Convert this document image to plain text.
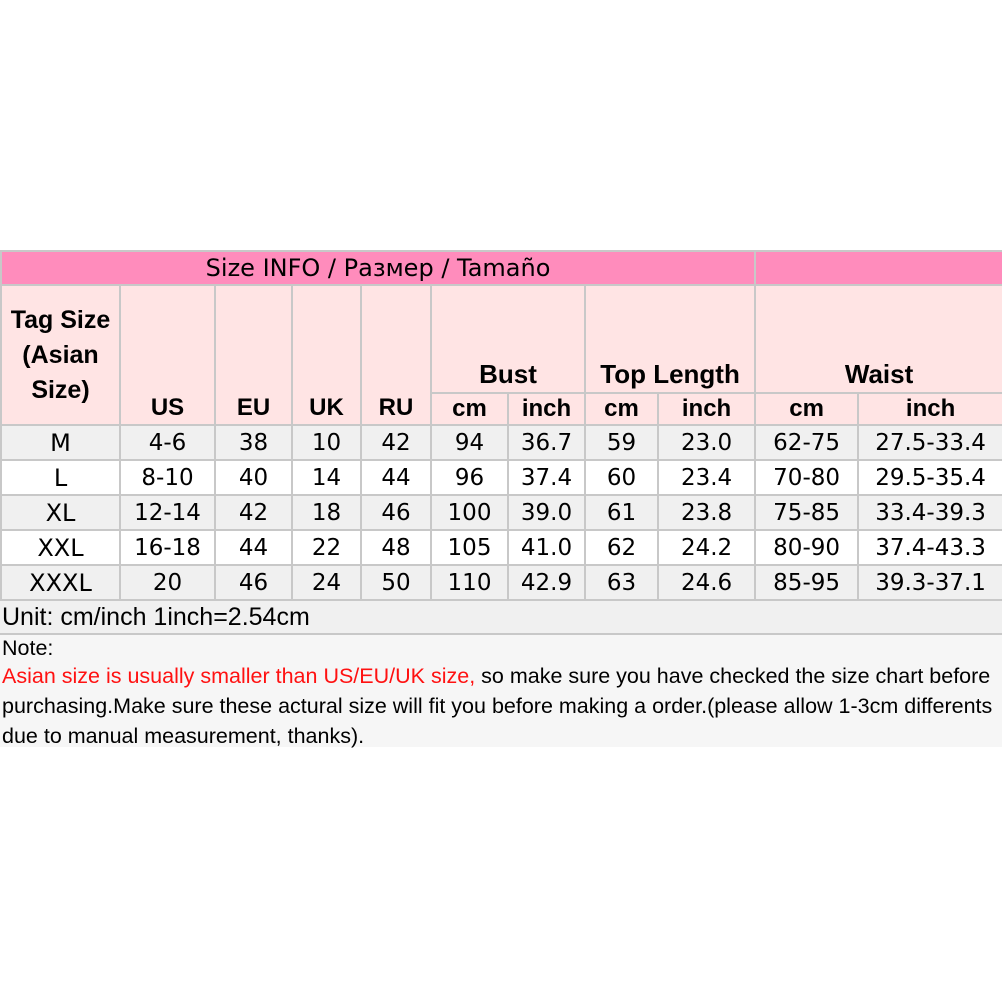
Size INFO / Размер / Tamaño										
Tag Size (Asian Size)	US	EU	UK	RU	Bust		Top Length		Waist	
					cm	inch	cm	inch	cm	inch
M	4-6	38	10	42	94	36.7	59	23.0	62-75	27.5-33.4
L	8-10	40	14	44	96	37.4	60	23.4	70-80	29.5-35.4
XL	12-14	42	18	46	100	39.0	61	23.8	75-85	33.4-39.3
XXL	16-18	44	22	48	105	41.0	62	24.2	80-90	37.4-43.3
XXXL	20	46	24	50	110	42.9	63	24.6	85-95	39.3-37.1
Unit: cm/inch 1inch=2.54cm
Note:
Asian size is usually smaller than US/EU/UK size, so make sure you have checked the size chart before purchasing.Make sure these actural size will fit you before making a order.(please allow 1-3cm differents due to manual measurement, thanks).
